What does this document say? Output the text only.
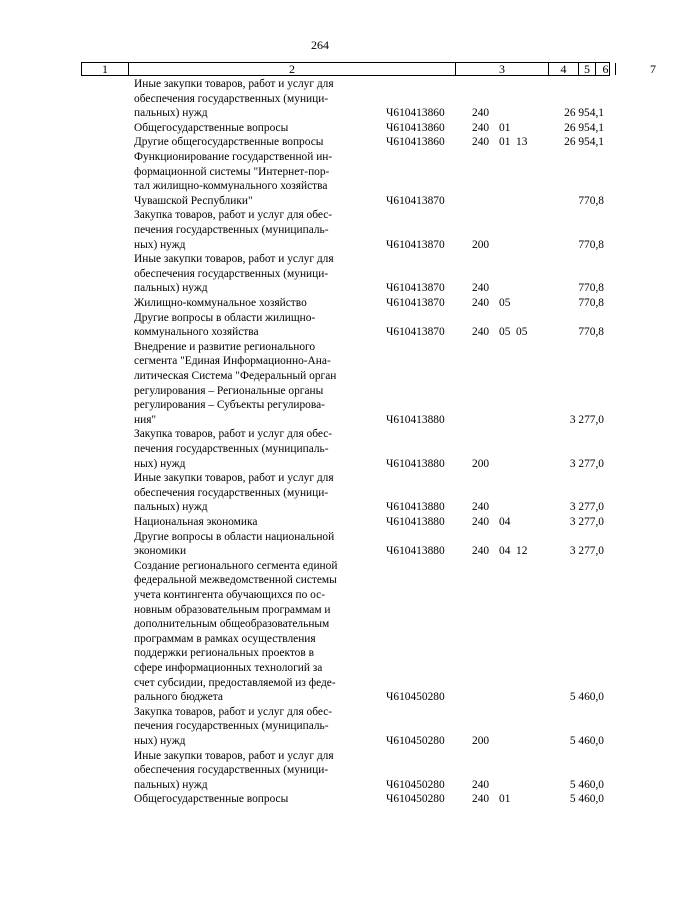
264
1	2	3	4	5	6	7
Иные закупки товаров, работ и услуг для
обеспечения государственных (муници-
пальных) нужд	Ч610413860 240	26 954,1
Общегосударственные вопросы	Ч610413860 240 01	26 954,1
Другие общегосударственные вопросы	Ч610413860 240 01 13	26 954,1
Функционирование государственной ин-
формационной системы "Интернет-пор-
тал жилищно-коммунального хозяйства
Чувашской Республики"	Ч610413870	770,8
Закупка товаров, работ и услуг для обес-
печения государственных (муниципаль-
ных) нужд	Ч610413870 200	770,8
Иные закупки товаров, работ и услуг для
обеспечения государственных (муници-
пальных) нужд	Ч610413870 240	770,8
Жилищно-коммунальное хозяйство	Ч610413870 240 05	770,8
Другие вопросы в области жилищно-
коммунального хозяйства	Ч610413870 240 05 05	770,8
Внедрение и развитие регионального
сегмента "Единая Информационно-Ана-
литическая Система "Федеральный орган
регулирования – Региональные органы
регулирования – Субъекты регулирова-
ния"	Ч610413880	3 277,0
Закупка товаров, работ и услуг для обес-
печения государственных (муниципаль-
ных) нужд	Ч610413880 200	3 277,0
Иные закупки товаров, работ и услуг для
обеспечения государственных (муници-
пальных) нужд	Ч610413880 240	3 277,0
Национальная экономика	Ч610413880 240 04	3 277,0
Другие вопросы в области национальной
экономики	Ч610413880 240 04 12	3 277,0
Создание регионального сегмента единой
федеральной межведомственной системы
учета контингента обучающихся по ос-
новным образовательным программам и
дополнительным общеобразовательным
программам в рамках осуществления
поддержки региональных проектов в
сфере информационных технологий за
счет субсидии, предоставляемой из феде-
рального бюджета	Ч610450280	5 460,0
Закупка товаров, работ и услуг для обес-
печения государственных (муниципаль-
ных) нужд	Ч610450280 200	5 460,0
Иные закупки товаров, работ и услуг для
обеспечения государственных (муници-
пальных) нужд	Ч610450280 240	5 460,0
Общегосударственные вопросы	Ч610450280 240 01	5 460,0
